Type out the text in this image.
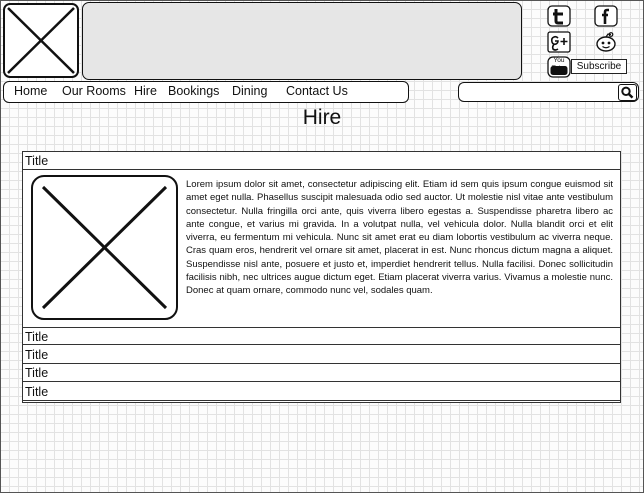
You Tube	Subscribe
Home Our Rooms Hire Bookings Dining Contact Us
Hire
Title
Lorem ipsum dolor sit amet, consectetur adipiscing elit. Etiam id sem quis ipsum congue euismod sit amet eget nulla. Phasellus suscipit malesuada odio sed auctor. Ut molestie nisl vitae ante vestibulum consectetur. Nulla fringilla orci ante, quis viverra libero egestas a. Suspendisse pharetra libero ac ante congue, et varius mi gravida. In a volutpat nulla, vel vehicula dolor. Nulla blandit orci et elit viverra, eu fermentum mi vehicula. Nunc sit amet erat eu diam lobortis vestibulum ac viverra neque. Cras quam eros, hendrerit vel ornare sit amet, placerat in est. Nunc rhoncus dictum magna a aliquet. Suspendisse nisl ante, posuere et justo et, imperdiet hendrerit tellus. Nulla facilisi. Donec sollicitudin facilisis nibh, nec ultrices augue dictum eget. Etiam placerat viverra varius. Vivamus a molestie nunc. Donec at quam ornare, commodo nunc vel, sodales quam.
Title
Title
Title
Title
